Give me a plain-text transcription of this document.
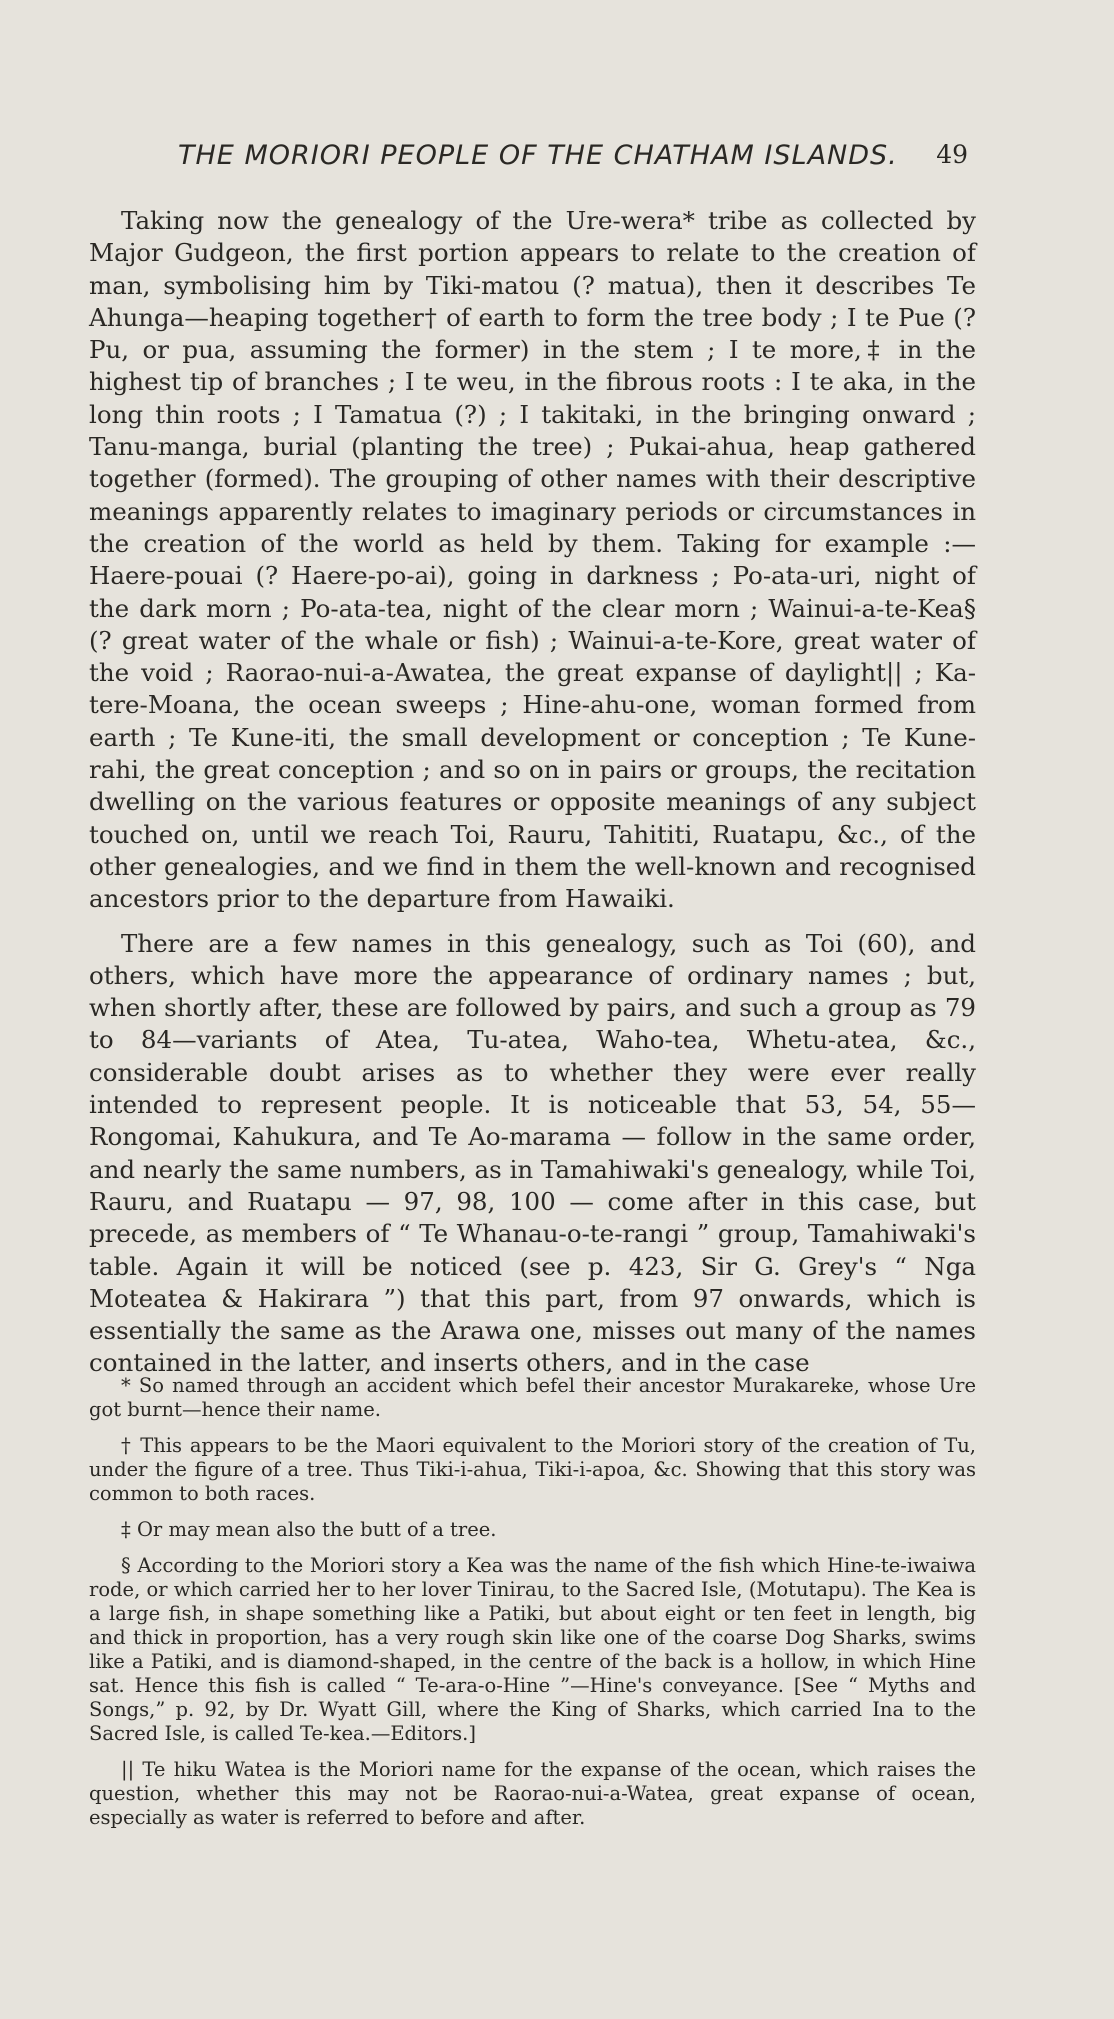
THE MORIORI PEOPLE OF THE CHATHAM ISLANDS. 49

Taking now the genealogy of the Ure-wera* tribe as collected by Major Gudgeon, the first portion appears to relate to the creation of man, symbolising him by Tiki-matou (? matua), then it describes Te Ahunga—heaping together† of earth to form the tree body ; I te Pue (? Pu, or pua, assuming the former) in the stem ; I te more,‡ in the highest tip of branches ; I te weu, in the fibrous roots : I te aka, in the long thin roots ; I Tamatua (?) ; I takitaki, in the bringing onward ; Tanu-manga, burial (planting the tree) ; Pukai-ahua, heap gathered together (formed). The grouping of other names with their descriptive meanings apparently relates to imaginary periods or circumstances in the creation of the world as held by them. Taking for example :—Haere-pouai (? Haere-po-ai), going in darkness ; Po-ata-uri, night of the dark morn ; Po-ata-tea, night of the clear morn ; Wainui-a-te-Kea§ (? great water of the whale or fish) ; Wainui-a-te-Kore, great water of the void ; Raorao-nui-a-Awatea, the great expanse of daylight|| ; Ka-tere-Moana, the ocean sweeps ; Hine-ahu-one, woman formed from earth ; Te Kune-iti, the small development or conception ; Te Kune-rahi, the great conception ; and so on in pairs or groups, the recitation dwelling on the various features or opposite meanings of any subject touched on, until we reach Toi, Rauru, Tahititi, Ruatapu, &c., of the other genealogies, and we find in them the well-known and recognised ancestors prior to the departure from Hawaiki.

There are a few names in this genealogy, such as Toi (60), and others, which have more the appearance of ordinary names ; but, when shortly after, these are followed by pairs, and such a group as 79 to 84—variants of Atea, Tu-atea, Waho-tea, Whetu-atea, &c., considerable doubt arises as to whether they were ever really intended to represent people. It is noticeable that 53, 54, 55—Rongomai, Kahukura, and Te Ao-marama — follow in the same order, and nearly the same numbers, as in Tamahiwaki's genealogy, while Toi, Rauru, and Ruatapu — 97, 98, 100 — come after in this case, but precede, as members of “ Te Whanau-o-te-rangi ” group, Tamahiwaki's table. Again it will be noticed (see p. 423, Sir G. Grey's “ Nga Moteatea & Hakirara ”) that this part, from 97 onwards, which is essentially the same as the Arawa one, misses out many of the names contained in the latter, and inserts others, and in the case

* So named through an accident which befel their ancestor Murakareke, whose Ure got burnt—hence their name.

† This appears to be the Maori equivalent to the Moriori story of the creation of Tu, under the figure of a tree. Thus Tiki-i-ahua, Tiki-i-apoa, &c. Showing that this story was common to both races.

‡ Or may mean also the butt of a tree.

§ According to the Moriori story a Kea was the name of the fish which Hine-te-iwaiwa rode, or which carried her to her lover Tinirau, to the Sacred Isle, (Motutapu). The Kea is a large fish, in shape something like a Patiki, but about eight or ten feet in length, big and thick in proportion, has a very rough skin like one of the coarse Dog Sharks, swims like a Patiki, and is diamond-shaped, in the centre of the back is a hollow, in which Hine sat. Hence this fish is called “ Te-ara-o-Hine ”—Hine's conveyance. [See “ Myths and Songs,” p. 92, by Dr. Wyatt Gill, where the King of Sharks, which carried Ina to the Sacred Isle, is called Te-kea.—Editors.]

|| Te hiku Watea is the Moriori name for the expanse of the ocean, which raises the question, whether this may not be Raorao-nui-a-Watea, great expanse of ocean, especially as water is referred to before and after.
